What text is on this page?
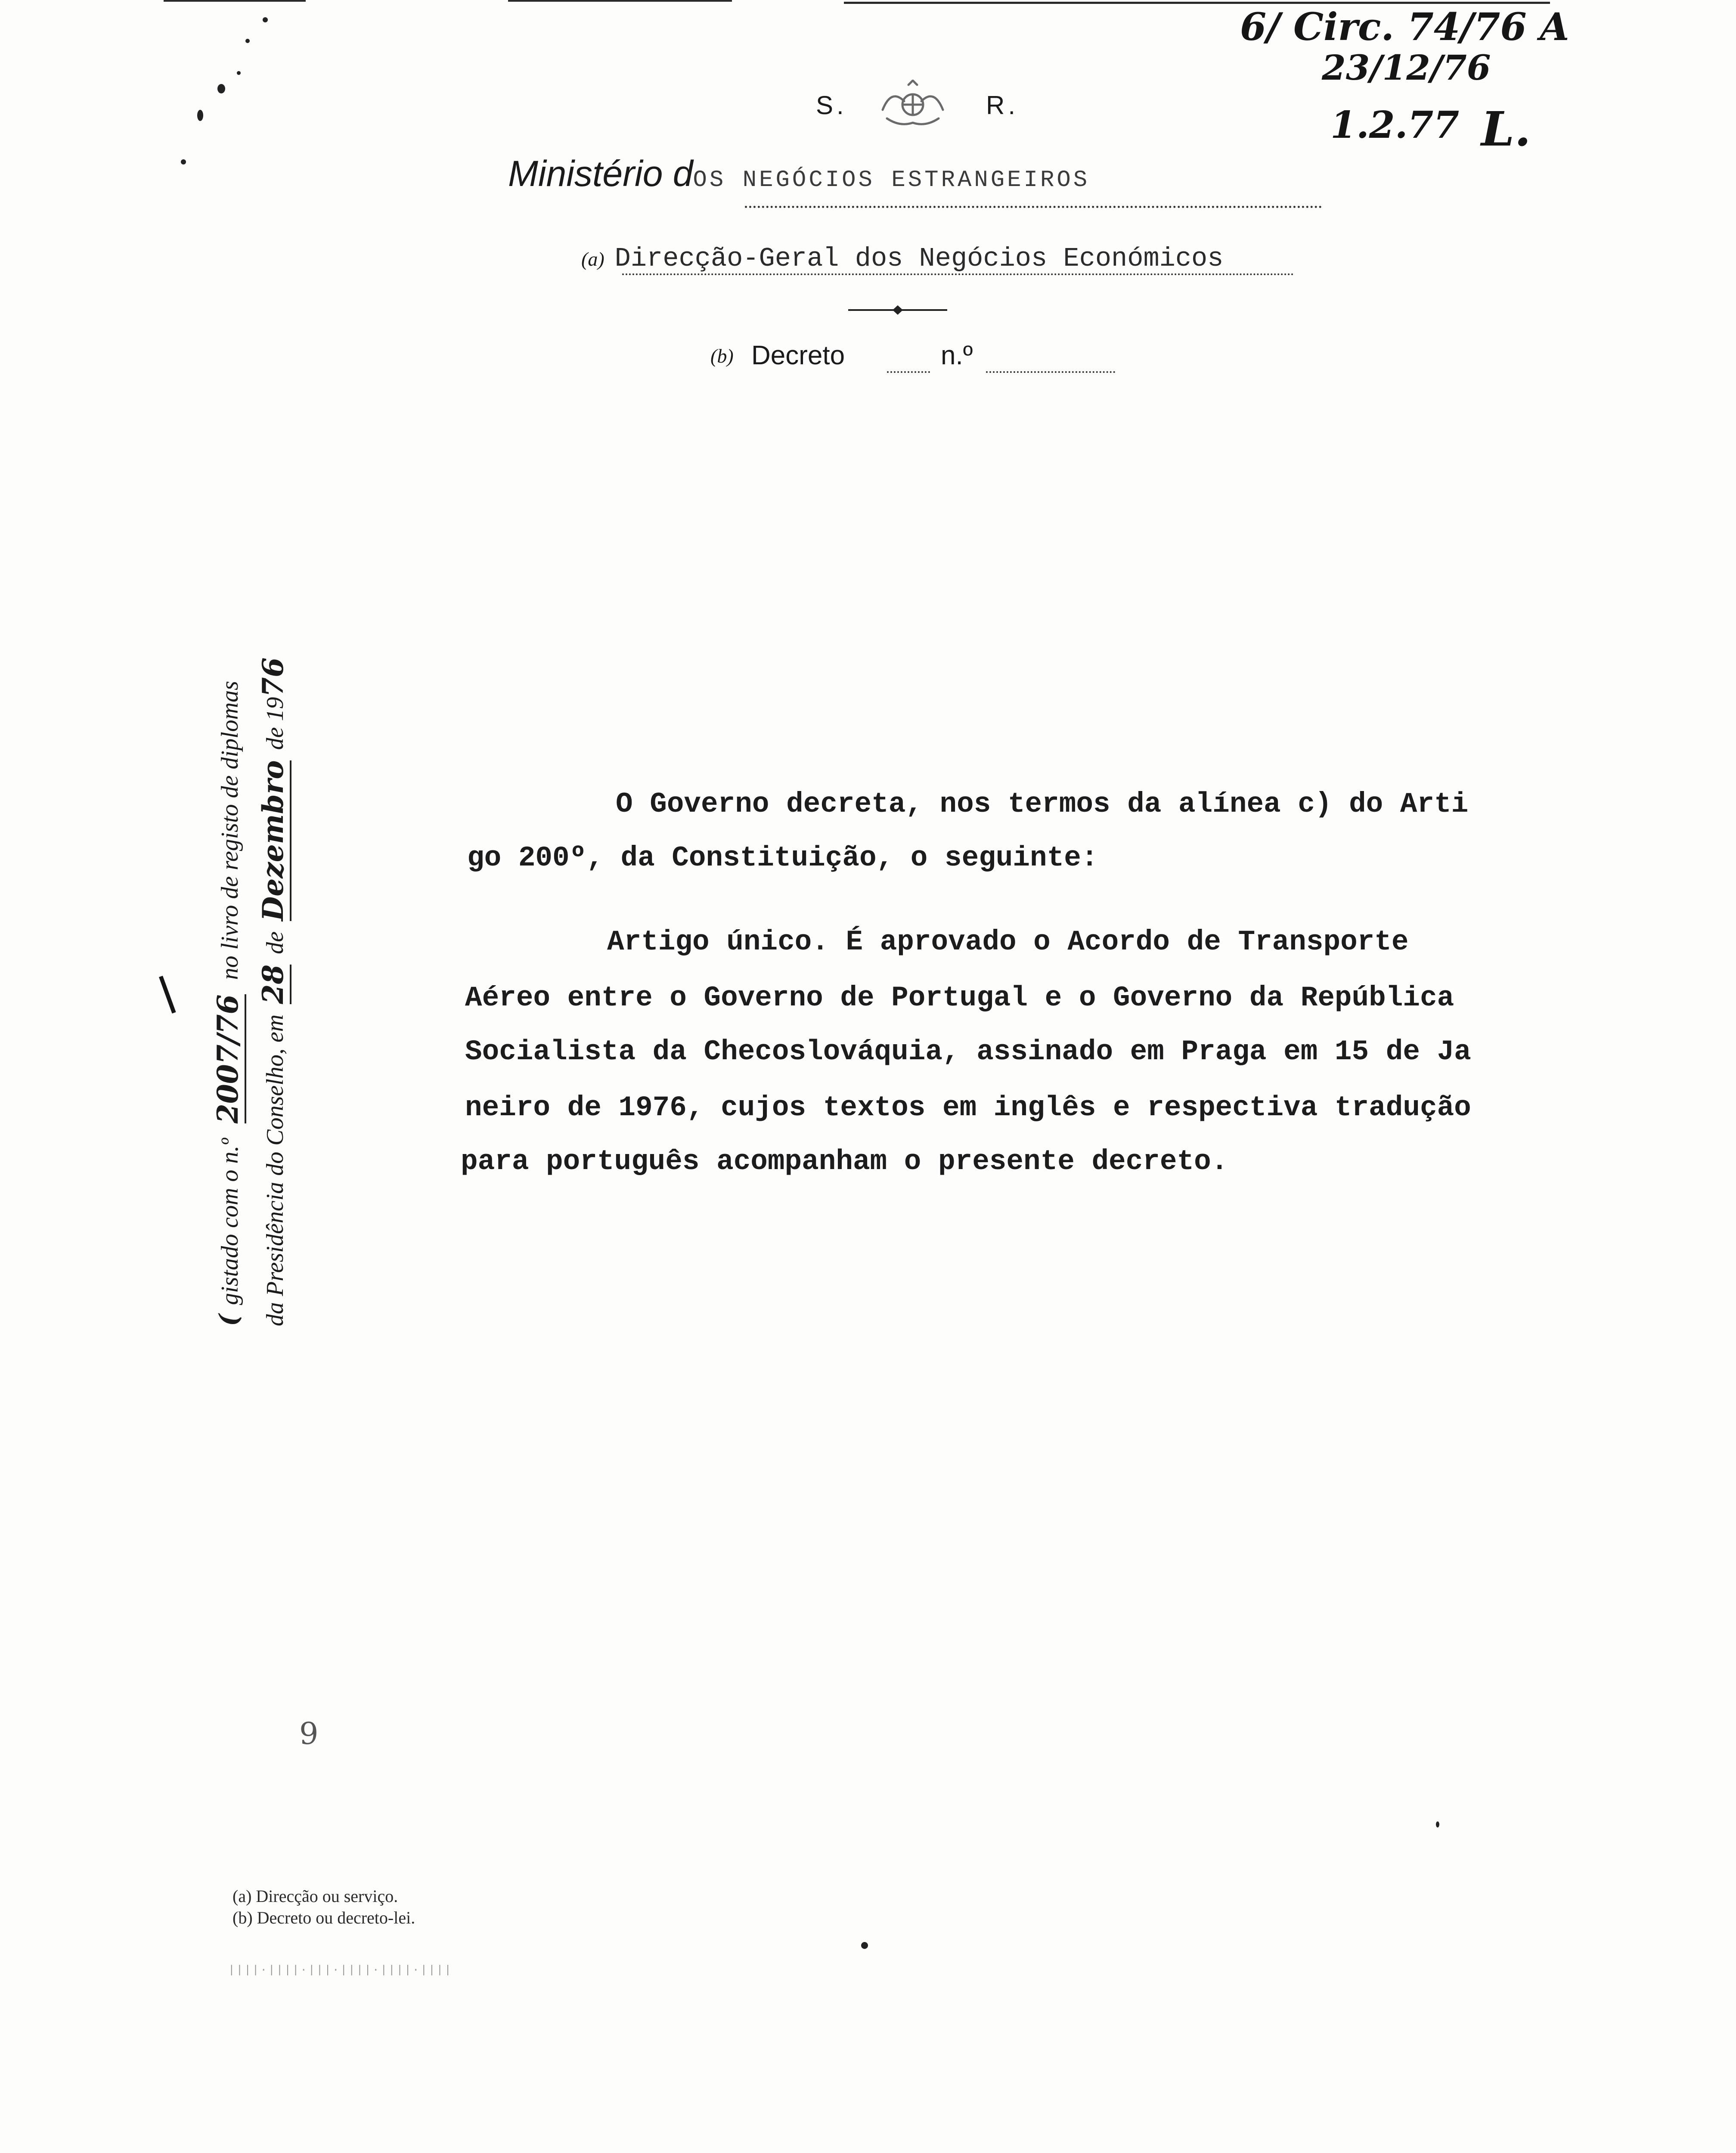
6/ Circ. 74/76 A
23/12/76
1.2.77 L.
S.	R.
Ministério dOS NEGÓCIOS ESTRANGEIROS
(a) Direcção-Geral dos Negócios Económicos
(b) Decreto	n.º
( gistado com o n.º 2007/76 no livro de registo de diplomas
da Presidência do Conselho, em 28 de Dezembro de 1976
|
O Governo decreta, nos termos da alínea c) do Arti
go 200º, da Constituição, o seguinte:
Artigo único. É aprovado o Acordo de Transporte
Aéreo entre o Governo de Portugal e o Governo da República
Socialista da Checoslováquia, assinado em Praga em 15 de Ja
neiro de 1976, cujos textos em inglês e respectiva tradução
para português acompanham o presente decreto.
9
(a) Direcção ou serviço.
(b) Decreto ou decreto-lei.
||||·||||·|||·||||·||||·||||
